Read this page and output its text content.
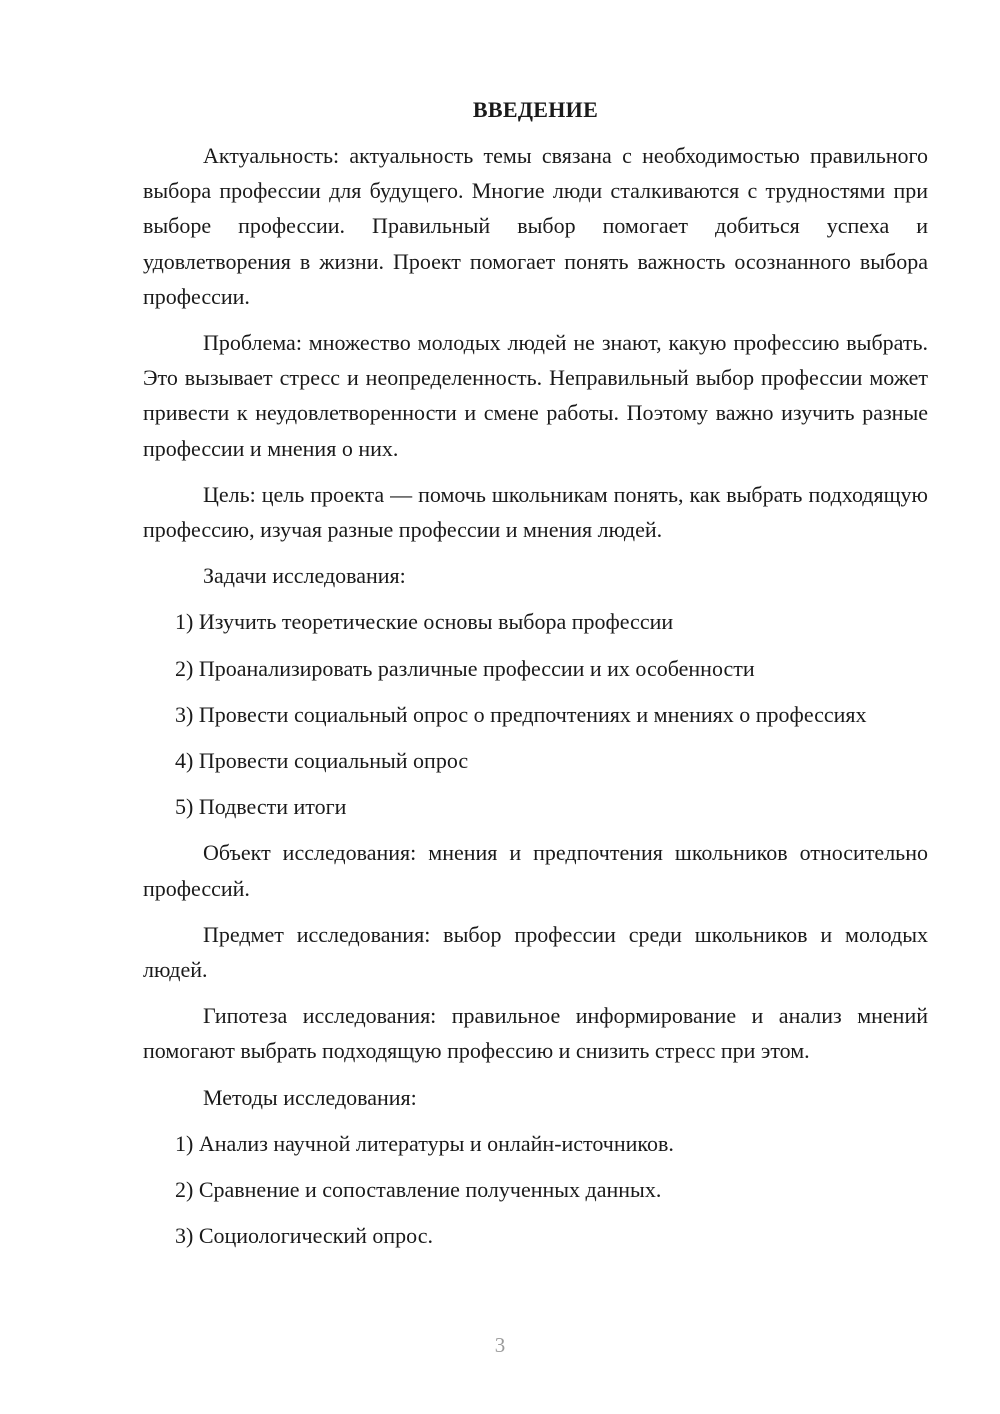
ВВЕДЕНИЕ

Актуальность: актуальность темы связана с необходимостью правильного выбора профессии для будущего. Многие люди сталкиваются с трудностями при выборе профессии. Правильный выбор помогает добиться успеха и удовлетворения в жизни. Проект помогает понять важность осознанного выбора профессии.

Проблема: множество молодых людей не знают, какую профессию выбрать. Это вызывает стресс и неопределенность. Неправильный выбор профессии может привести к неудовлетворенности и смене работы. Поэтому важно изучить разные профессии и мнения о них.

Цель: цель проекта — помочь школьникам понять, как выбрать подходящую профессию, изучая разные профессии и мнения людей.

Задачи исследования:

1) Изучить теоретические основы выбора профессии

2) Проанализировать различные профессии и их особенности

3) Провести социальный опрос о предпочтениях и мнениях о профессиях

4) Провести социальный опрос

5) Подвести итоги

Объект исследования: мнения и предпочтения школьников относительно профессий.

Предмет исследования: выбор профессии среди школьников и молодых людей.

Гипотеза исследования: правильное информирование и анализ мнений помогают выбрать подходящую профессию и снизить стресс при этом.

Методы исследования:

1) Анализ научной литературы и онлайн-источников.

2) Сравнение и сопоставление полученных данных.

3) Социологический опрос.

3
